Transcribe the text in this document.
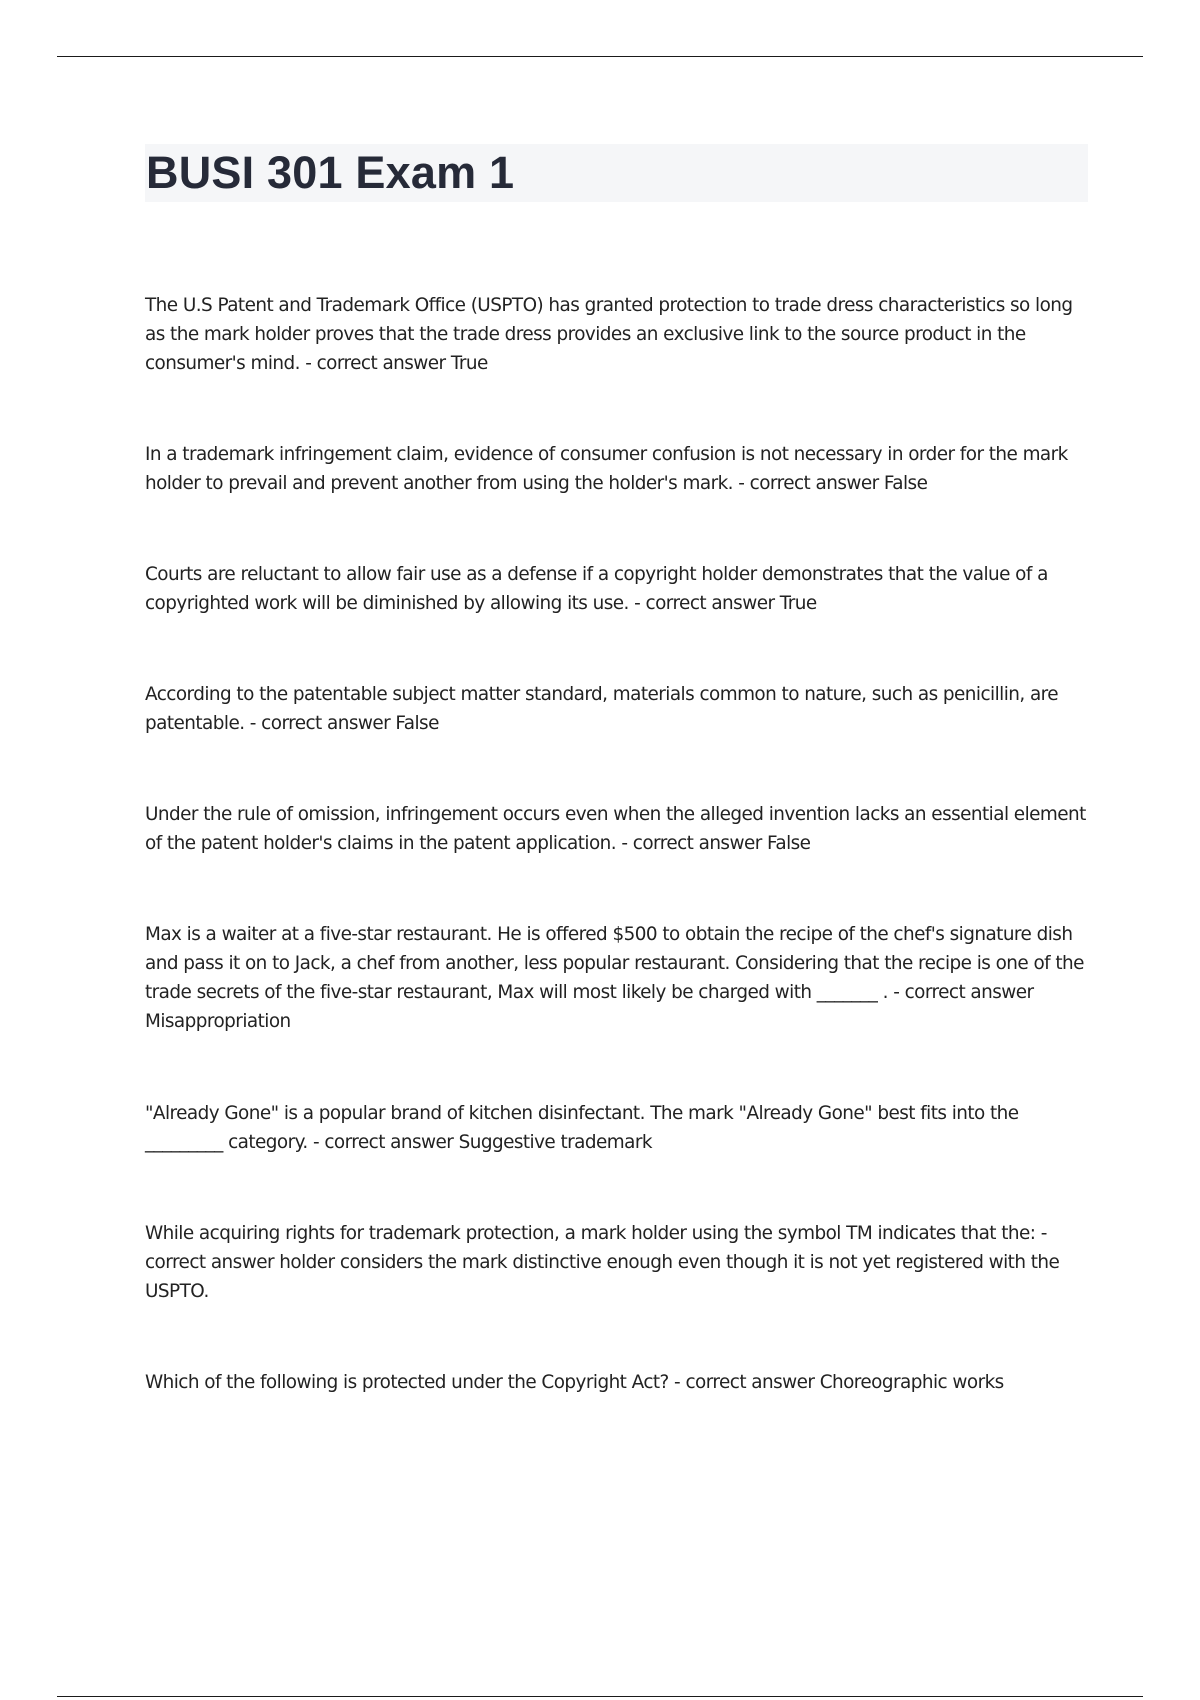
BUSI 301 Exam 1

The U.S Patent and Trademark Office (USPTO) has granted protection to trade dress characteristics so long as the mark holder proves that the trade dress provides an exclusive link to the source product in the consumer's mind. - correct answer True

In a trademark infringement claim, evidence of consumer confusion is not necessary in order for the mark holder to prevail and prevent another from using the holder's mark. - correct answer False

Courts are reluctant to allow fair use as a defense if a copyright holder demonstrates that the value of a copyrighted work will be diminished by allowing its use. - correct answer True

According to the patentable subject matter standard, materials common to nature, such as penicillin, are patentable. - correct answer False

Under the rule of omission, infringement occurs even when the alleged invention lacks an essential element of the patent holder's claims in the patent application. - correct answer False

Max is a waiter at a five-star restaurant. He is offered $500 to obtain the recipe of the chef's signature dish and pass it on to Jack, a chef from another, less popular restaurant. Considering that the recipe is one of the trade secrets of the five-star restaurant, Max will most likely be charged with _______ . - correct answer Misappropriation

"Already Gone" is a popular brand of kitchen disinfectant. The mark "Already Gone" best fits into the _________ category. - correct answer Suggestive trademark

While acquiring rights for trademark protection, a mark holder using the symbol TM indicates that the: - correct answer holder considers the mark distinctive enough even though it is not yet registered with the USPTO.

Which of the following is protected under the Copyright Act? - correct answer Choreographic works
